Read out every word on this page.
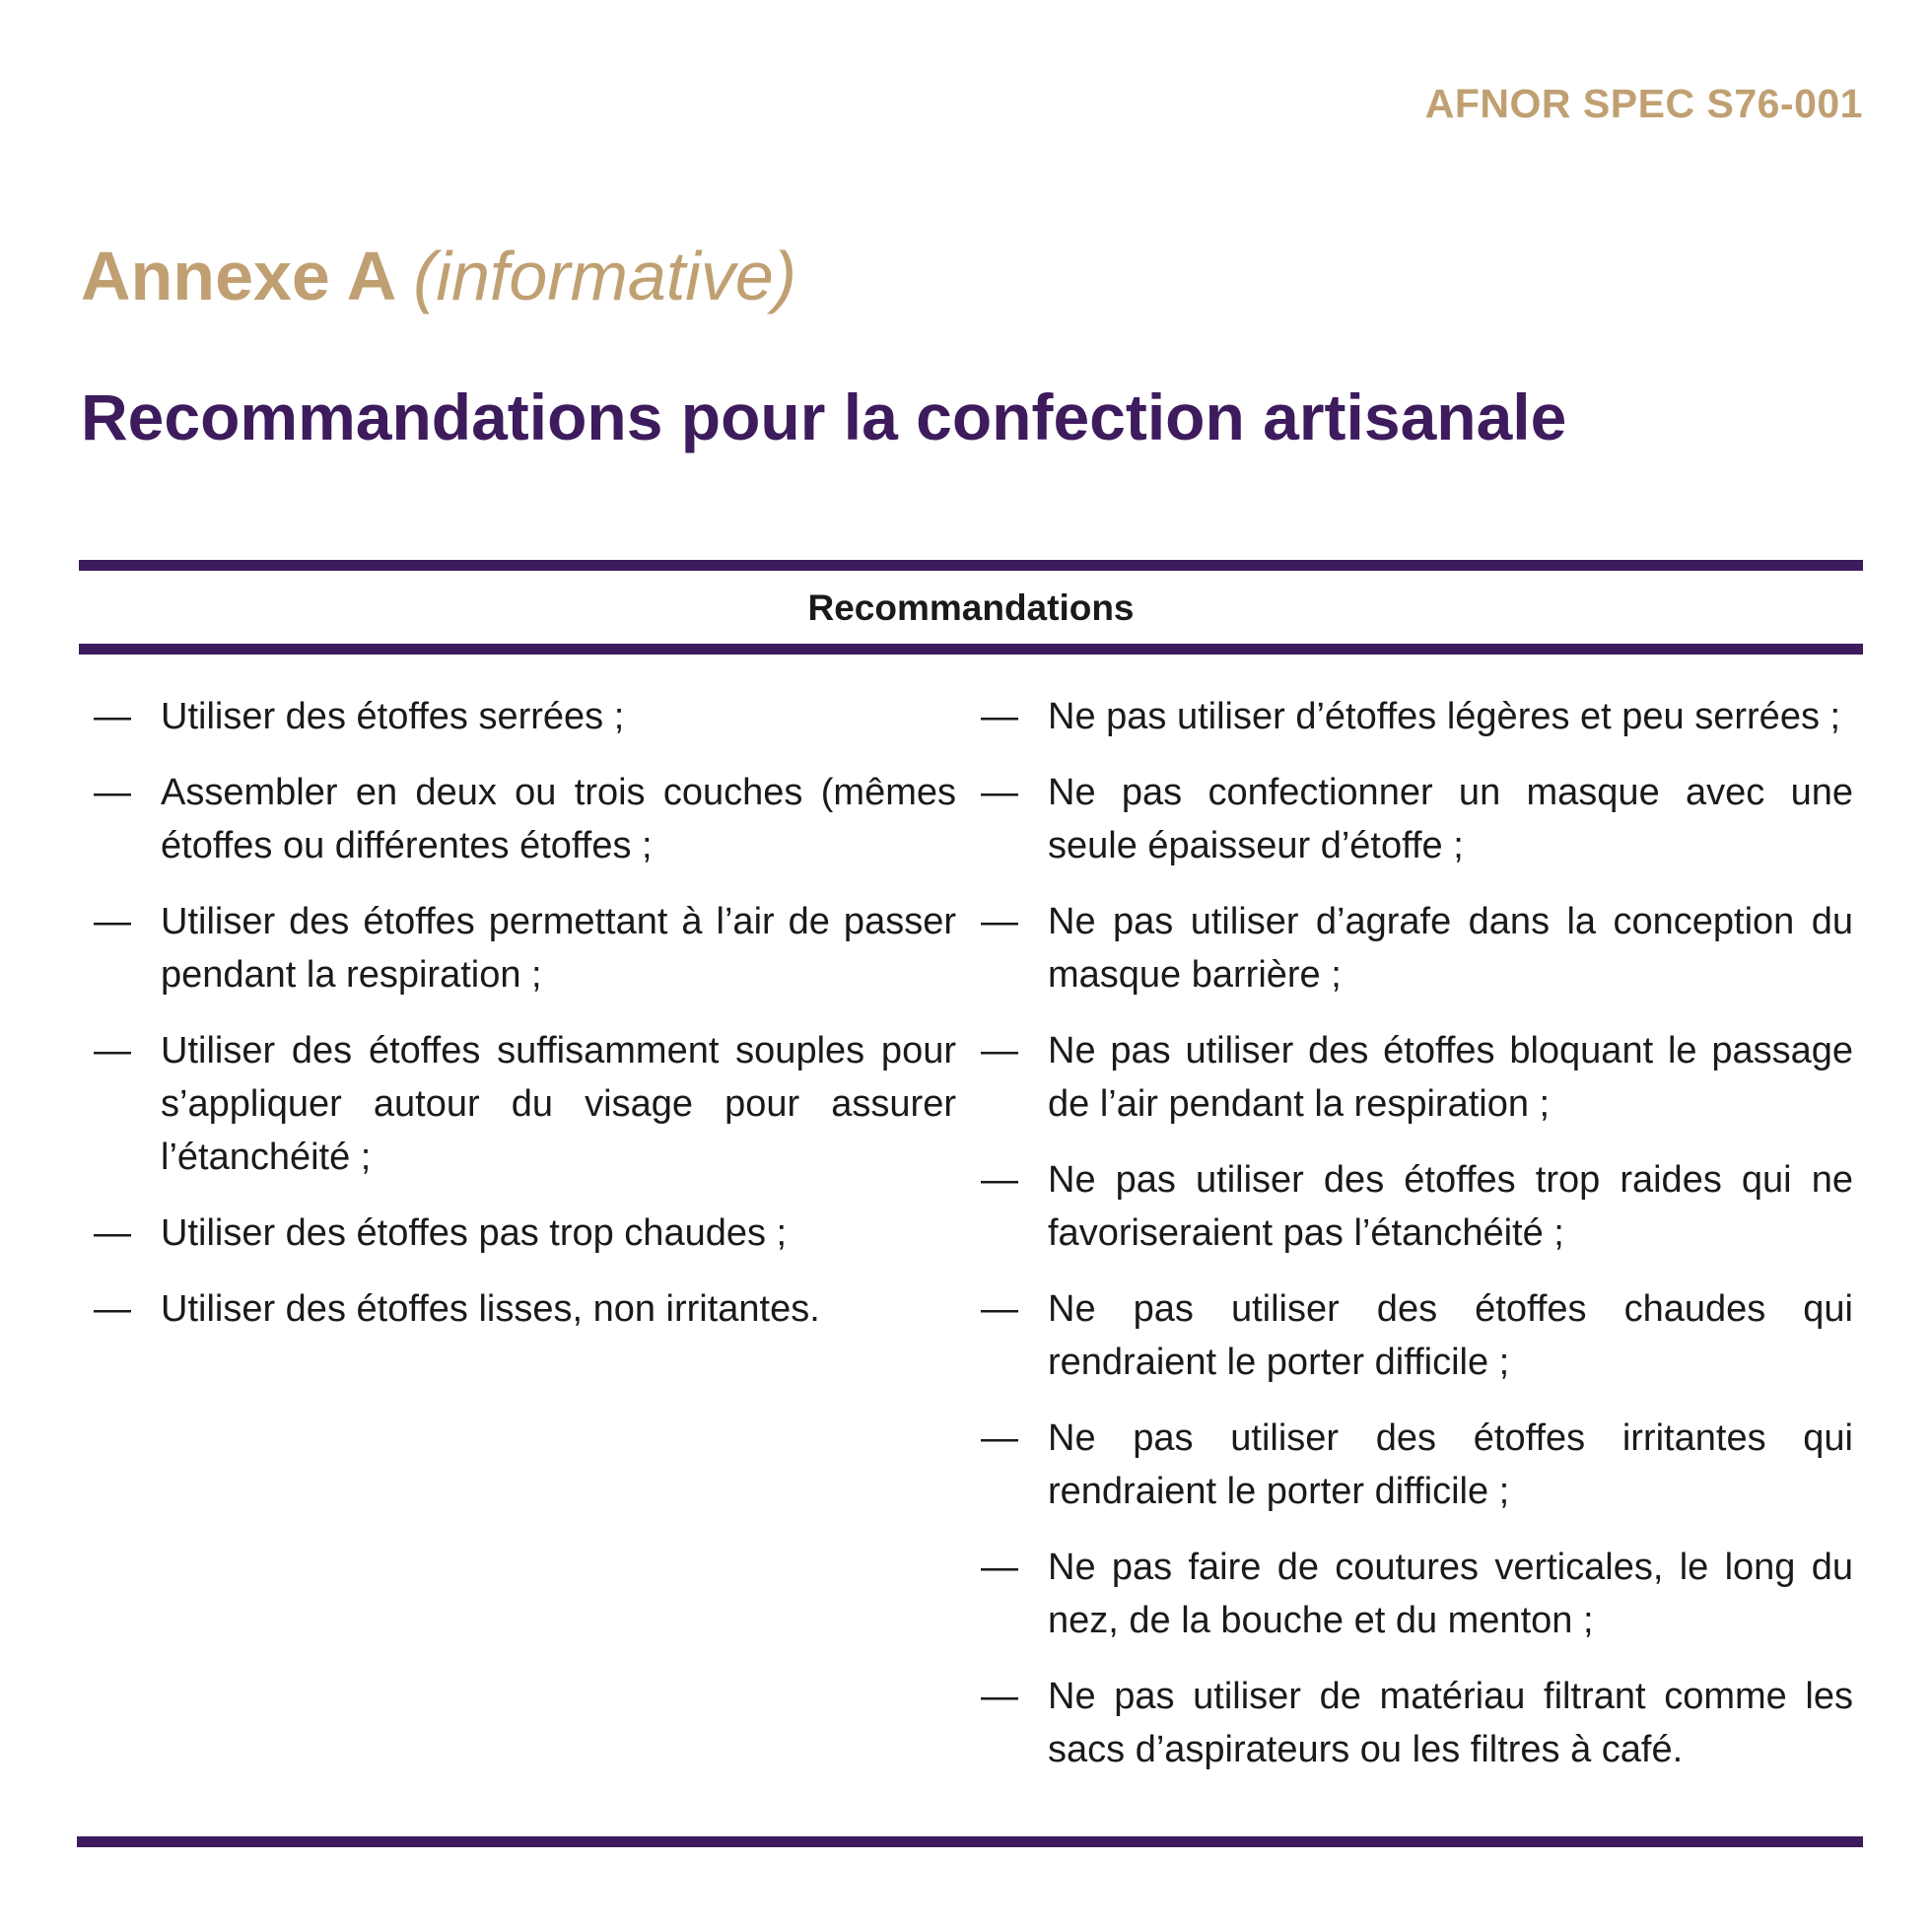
AFNOR SPEC S76-001
Annexe A (informative)
Recommandations pour la confection artisanale
Recommandations
— Utiliser des étoffes serrées ;
— Assembler en deux ou trois couches (mêmes étoffes ou différentes étoffes ;
— Utiliser des étoffes permettant à l’air de passer pendant la respiration ;
— Utiliser des étoffes suffisamment souples pour s’appliquer autour du visage pour assurer l’étanchéité ;
— Utiliser des étoffes pas trop chaudes ;
— Utiliser des étoffes lisses, non irritantes.
— Ne pas utiliser d’étoffes légères et peu serrées ;
— Ne pas confectionner un masque avec une seule épaisseur d’étoffe ;
— Ne pas utiliser d’agrafe dans la conception du masque barrière ;
— Ne pas utiliser des étoffes bloquant le passage de l’air pendant la respiration ;
— Ne pas utiliser des étoffes trop raides qui ne favoriseraient pas l’étanchéité ;
— Ne pas utiliser des étoffes chaudes qui rendraient le porter difficile ;
— Ne pas utiliser des étoffes irritantes qui rendraient le porter difficile ;
— Ne pas faire de coutures verticales, le long du nez, de la bouche et du menton ;
— Ne pas utiliser de matériau filtrant comme les sacs d’aspirateurs ou les filtres à café.
